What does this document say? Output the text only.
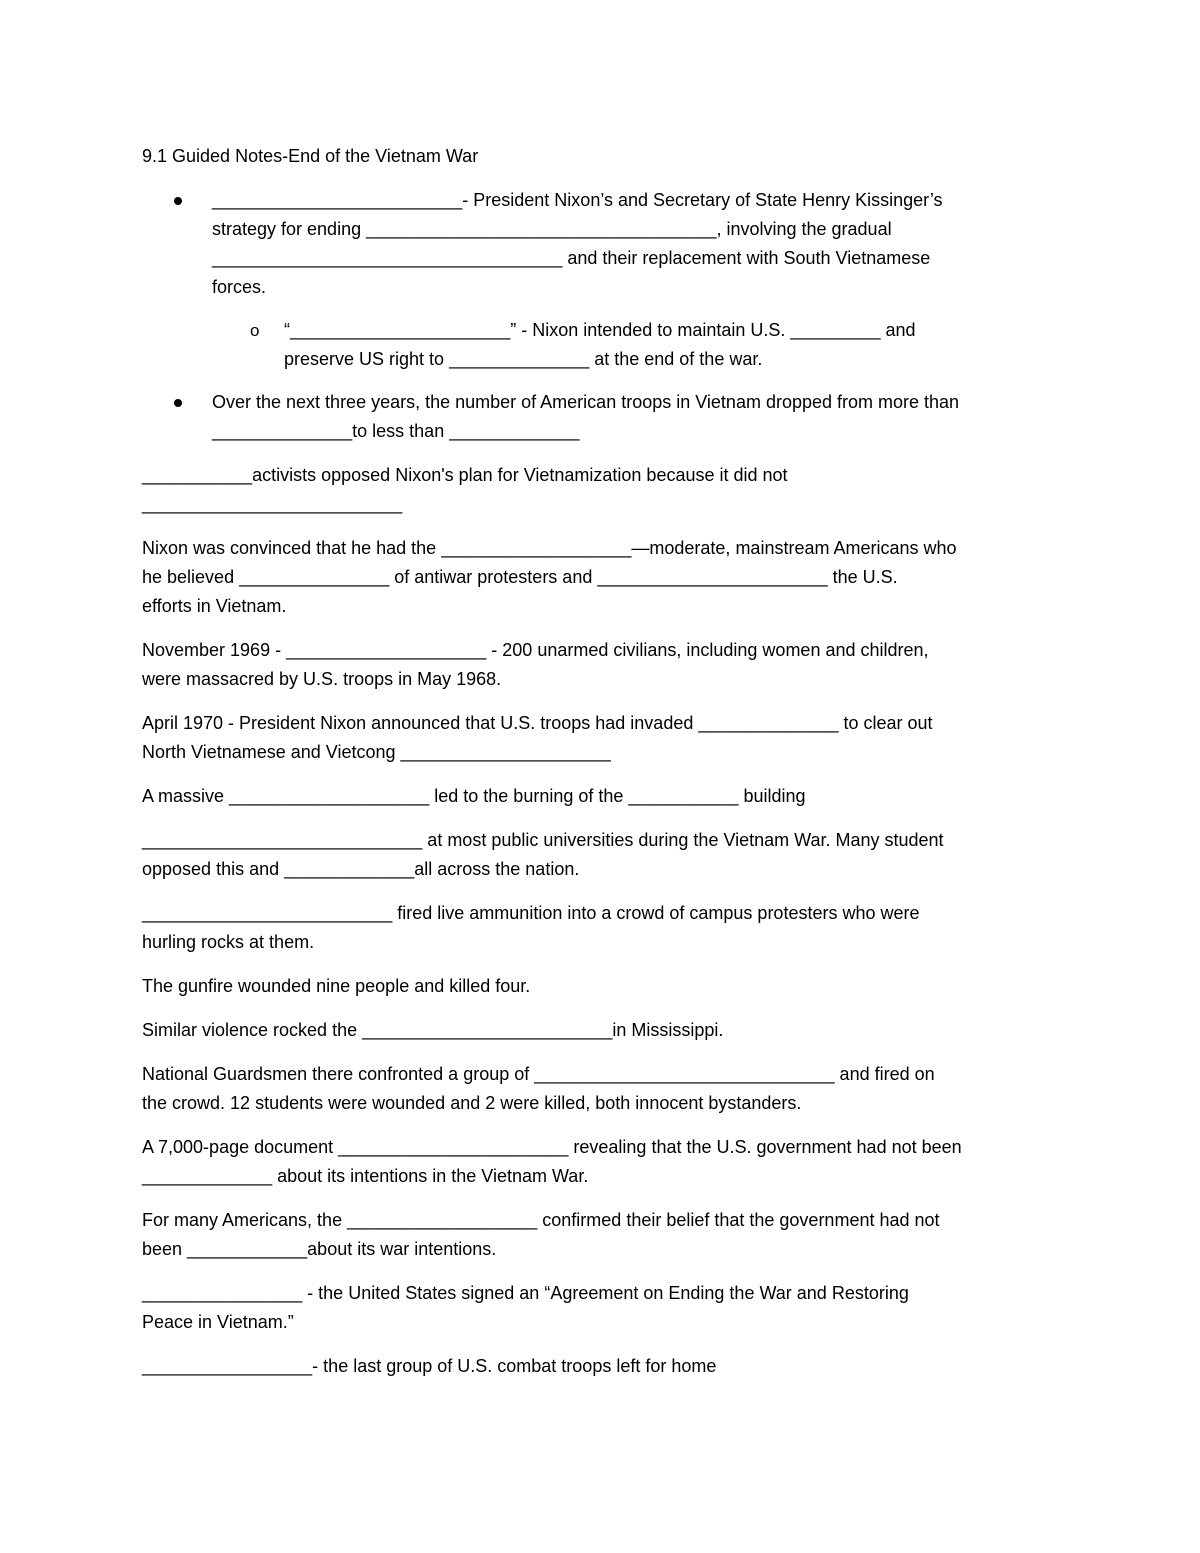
9.1 Guided Notes-End of the Vietnam War
_________________________- President Nixon’s and Secretary of State Henry Kissinger’s
strategy for ending ___________________________________, involving the gradual
___________________________________ and their replacement with South Vietnamese
forces.
o “______________________” - Nixon intended to maintain U.S. _________ and
preserve US right to ______________ at the end of the war.
Over the next three years, the number of American troops in Vietnam dropped from more than
______________to less than _____________

___________activists opposed Nixon's plan for Vietnamization because it did not
__________________________

Nixon was convinced that he had the ___________________—moderate, mainstream Americans who
he believed _______________ of antiwar protesters and _______________________ the U.S.
efforts in Vietnam.

November 1969 - ____________________ - 200 unarmed civilians, including women and children,
were massacred by U.S. troops in May 1968.

April 1970 - President Nixon announced that U.S. troops had invaded ______________ to clear out
North Vietnamese and Vietcong _____________________

A massive ____________________ led to the burning of the ___________ building

____________________________ at most public universities during the Vietnam War. Many student
opposed this and _____________all across the nation.

_________________________ fired live ammunition into a crowd of campus protesters who were
hurling rocks at them.

The gunfire wounded nine people and killed four.

Similar violence rocked the _________________________in Mississippi.

National Guardsmen there confronted a group of ______________________________ and fired on
the crowd. 12 students were wounded and 2 were killed, both innocent bystanders.

A 7,000-page document _______________________ revealing that the U.S. government had not been
_____________ about its intentions in the Vietnam War.

For many Americans, the ___________________ confirmed their belief that the government had not
been ____________about its war intentions.

________________ - the United States signed an “Agreement on Ending the War and Restoring
Peace in Vietnam.”

_________________- the last group of U.S. combat troops left for home
